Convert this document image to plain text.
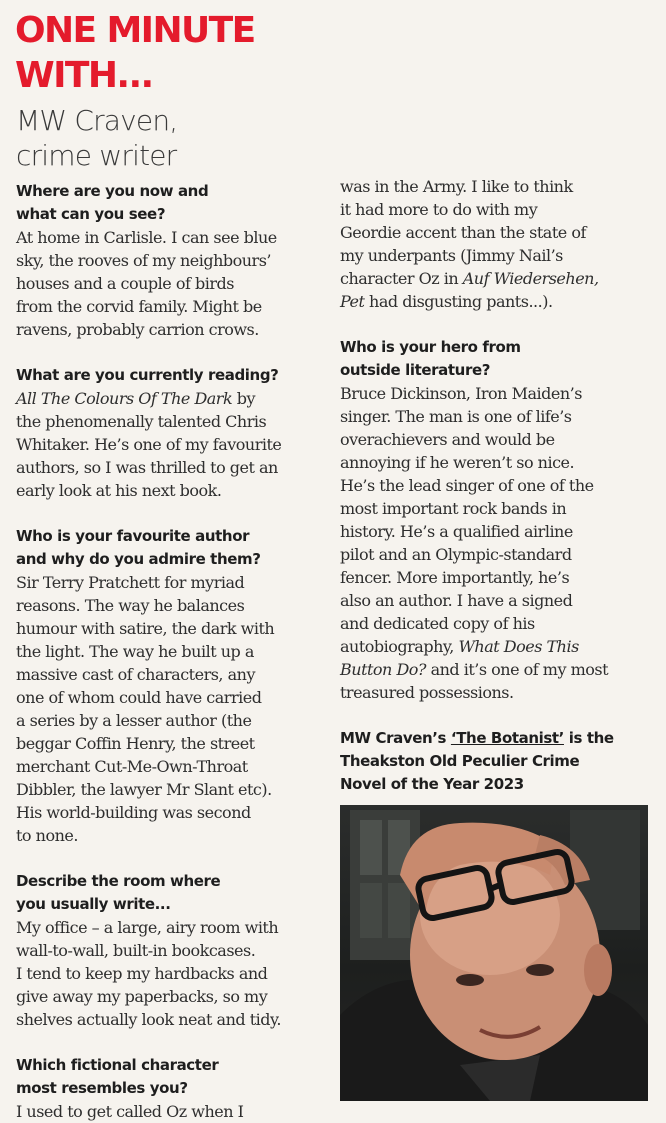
ONE MINUTE
WITH...
MW Craven,
crime writer

Where are you now and
what can you see?

At home in Carlisle. I can see blue
sky, the rooves of my neighbours’
houses and a couple of birds
from the corvid family. Might be
ravens, probably carrion crows.

What are you currently reading?

All The Colours Of The Dark by
the phenomenally talented Chris
Whitaker. He’s one of my favourite
authors, so I was thrilled to get an
early look at his next book.

Who is your favourite author
and why do you admire them?

Sir Terry Pratchett for myriad
reasons. The way he balances
humour with satire, the dark with
the light. The way he built up a
massive cast of characters, any
one of whom could have carried
a series by a lesser author (the
beggar Coffin Henry, the street
merchant Cut-Me-Own-Throat
Dibbler, the lawyer Mr Slant etc).
His world-building was second
to none.

Describe the room where
you usually write...

My office – a large, airy room with
wall-to-wall, built-in bookcases.
I tend to keep my hardbacks and
give away my paperbacks, so my
shelves actually look neat and tidy.

Which fictional character
most resembles you?

I used to get called Oz when I

was in the Army. I like to think
it had more to do with my
Geordie accent than the state of
my underpants (Jimmy Nail’s
character Oz in Auf Wiedersehen,
Pet had disgusting pants...).

Who is your hero from
outside literature?

Bruce Dickinson, Iron Maiden’s
singer. The man is one of life’s
overachievers and would be
annoying if he weren’t so nice.
He’s the lead singer of one of the
most important rock bands in
history. He’s a qualified airline
pilot and an Olympic-standard
fencer. More importantly, he’s
also an author. I have a signed
and dedicated copy of his
autobiography, What Does This
Button Do? and it’s one of my most
treasured possessions.

MW Craven’s ‘The Botanist’ is the
Theakston Old Peculier Crime
Novel of the Year 2023
